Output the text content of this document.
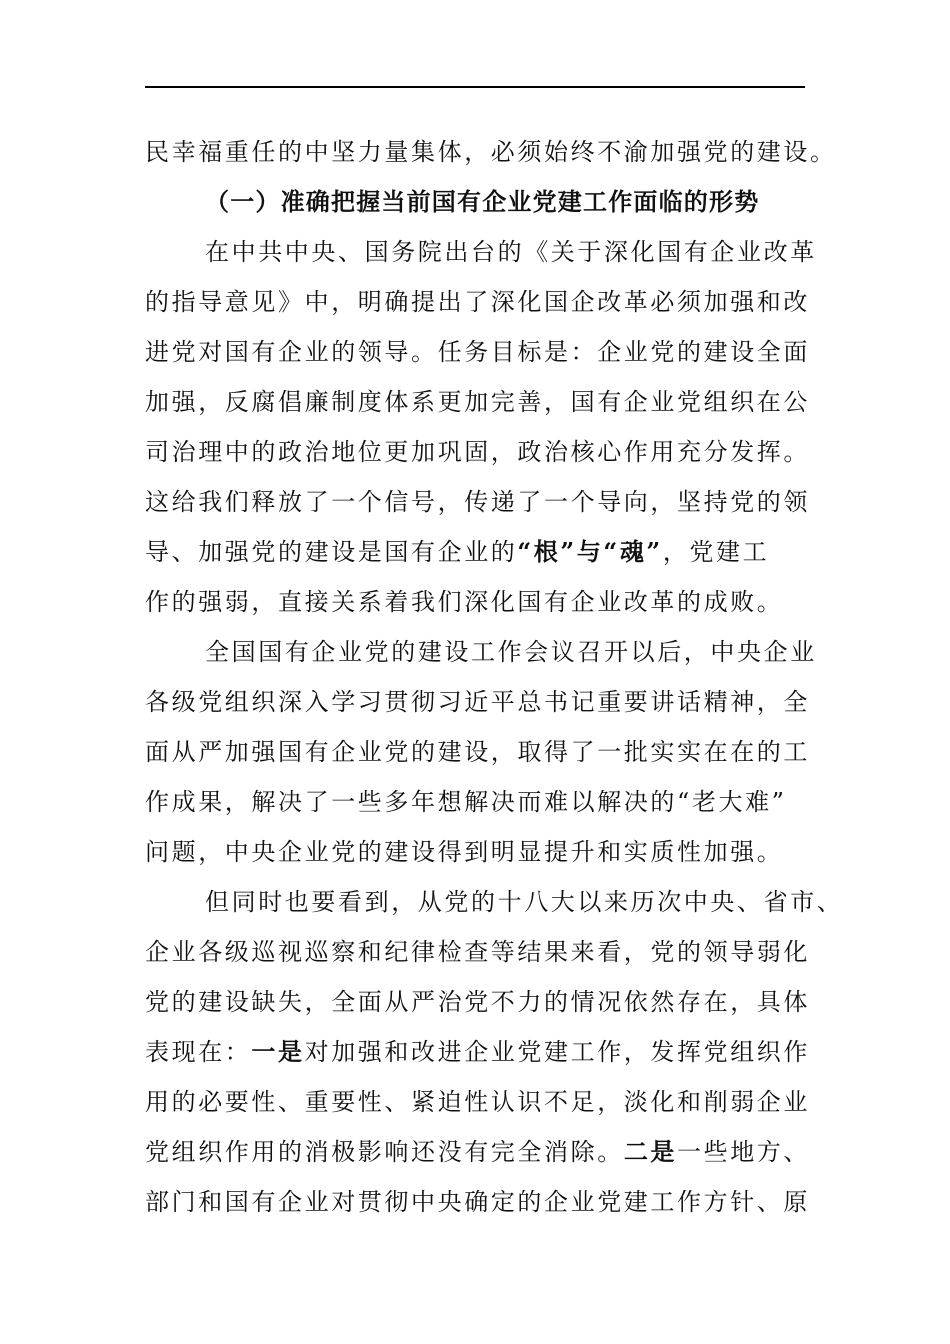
民幸福重任的中坚力量集体，必须始终不渝加强党的建设。
（一）准确把握当前国有企业党建工作面临的形势
在中共中央、国务院出台的《关于深化国有企业改革
的指导意见》中，明确提出了深化国企改革必须加强和改
进党对国有企业的领导。任务目标是：企业党的建设全面
加强，反腐倡廉制度体系更加完善，国有企业党组织在公
司治理中的政治地位更加巩固，政治核心作用充分发挥。
这给我们释放了一个信号，传递了一个导向，坚持党的领
导、加强党的建设是国有企业的“根”与“魂”，党建工
作的强弱，直接关系着我们深化国有企业改革的成败。
全国国有企业党的建设工作会议召开以后，中央企业
各级党组织深入学习贯彻习近平总书记重要讲话精神，全
面从严加强国有企业党的建设，取得了一批实实在在的工
作成果，解决了一些多年想解决而难以解决的“老大难”
问题，中央企业党的建设得到明显提升和实质性加强。
但同时也要看到，从党的十八大以来历次中央、省市、
企业各级巡视巡察和纪律检查等结果来看，党的领导弱化
党的建设缺失，全面从严治党不力的情况依然存在，具体
表现在：一是对加强和改进企业党建工作，发挥党组织作
用的必要性、重要性、紧迫性认识不足，淡化和削弱企业
党组织作用的消极影响还没有完全消除。二是一些地方、
部门和国有企业对贯彻中央确定的企业党建工作方针、原
